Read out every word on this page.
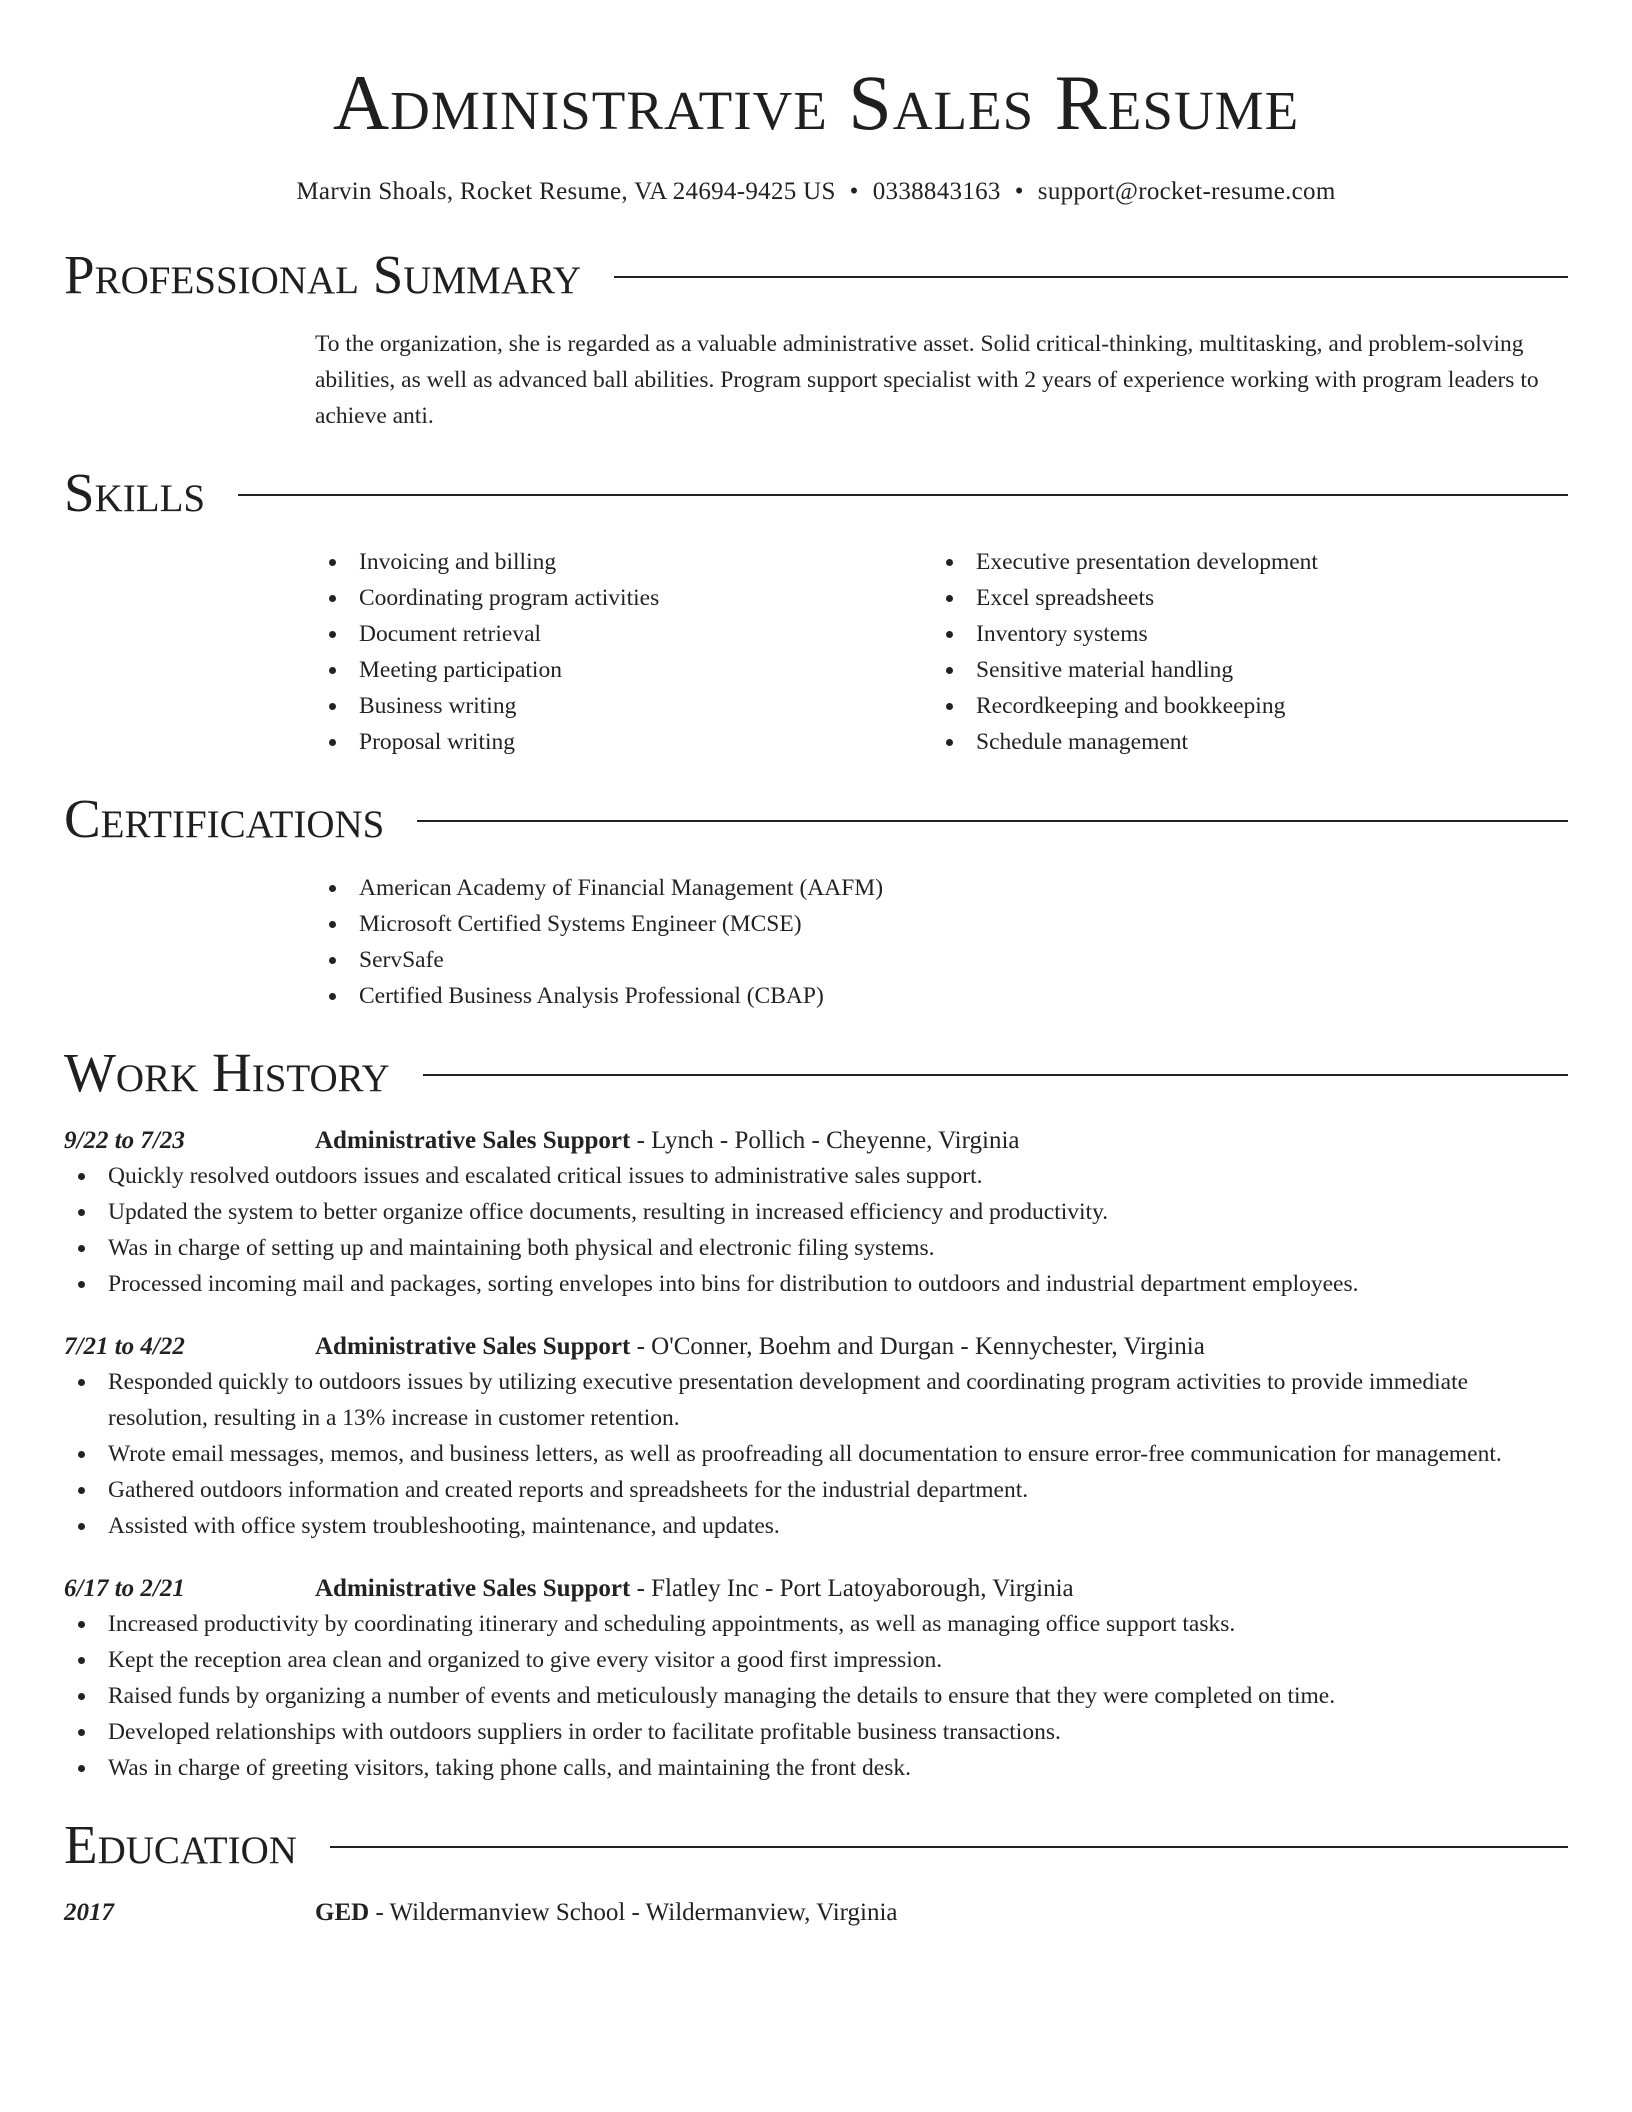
Administrative Sales Resume
Marvin Shoals, Rocket Resume, VA 24694-9425 US • 0338843163 • support@rocket-resume.com
Professional Summary
To the organization, she is regarded as a valuable administrative asset. Solid critical-thinking, multitasking, and problem-solving abilities, as well as advanced ball abilities. Program support specialist with 2 years of experience working with program leaders to achieve anti.
Skills
Invoicing and billing
Coordinating program activities
Document retrieval
Meeting participation
Business writing
Proposal writing
Executive presentation development
Excel spreadsheets
Inventory systems
Sensitive material handling
Recordkeeping and bookkeeping
Schedule management
Certifications
American Academy of Financial Management (AAFM)
Microsoft Certified Systems Engineer (MCSE)
ServSafe
Certified Business Analysis Professional (CBAP)
Work History
9/22 to 7/23	Administrative Sales Support - Lynch - Pollich - Cheyenne, Virginia
Quickly resolved outdoors issues and escalated critical issues to administrative sales support.
Updated the system to better organize office documents, resulting in increased efficiency and productivity.
Was in charge of setting up and maintaining both physical and electronic filing systems.
Processed incoming mail and packages, sorting envelopes into bins for distribution to outdoors and industrial department employees.
7/21 to 4/22	Administrative Sales Support - O'Conner, Boehm and Durgan - Kennychester, Virginia
Responded quickly to outdoors issues by utilizing executive presentation development and coordinating program activities to provide immediate resolution, resulting in a 13% increase in customer retention.
Wrote email messages, memos, and business letters, as well as proofreading all documentation to ensure error-free communication for management.
Gathered outdoors information and created reports and spreadsheets for the industrial department.
Assisted with office system troubleshooting, maintenance, and updates.
6/17 to 2/21	Administrative Sales Support - Flatley Inc - Port Latoyaborough, Virginia
Increased productivity by coordinating itinerary and scheduling appointments, as well as managing office support tasks.
Kept the reception area clean and organized to give every visitor a good first impression.
Raised funds by organizing a number of events and meticulously managing the details to ensure that they were completed on time.
Developed relationships with outdoors suppliers in order to facilitate profitable business transactions.
Was in charge of greeting visitors, taking phone calls, and maintaining the front desk.
Education
2017	GED - Wildermanview School - Wildermanview, Virginia
